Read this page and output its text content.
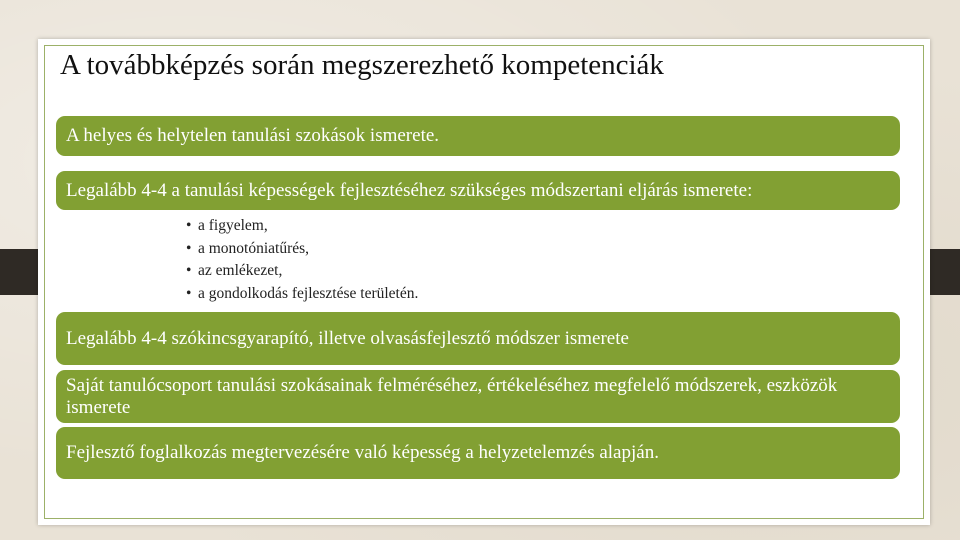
A továbbképzés során megszerezhető kompetenciák
A helyes és helytelen tanulási szokások ismerete.
Legalább 4-4 a tanulási képességek fejlesztéséhez szükséges módszertani eljárás ismerete:
• a figyelem,
• a monotóniatűrés,
• az emlékezet,
• a gondolkodás fejlesztése területén.
Legalább 4-4 szókincsgyarapító, illetve olvasásfejlesztő módszer ismerete
Saját tanulócsoport tanulási szokásainak felméréséhez, értékeléséhez megfelelő módszerek, eszközök ismerete
Fejlesztő foglalkozás megtervezésére való képesség a helyzetelemzés alapján.
